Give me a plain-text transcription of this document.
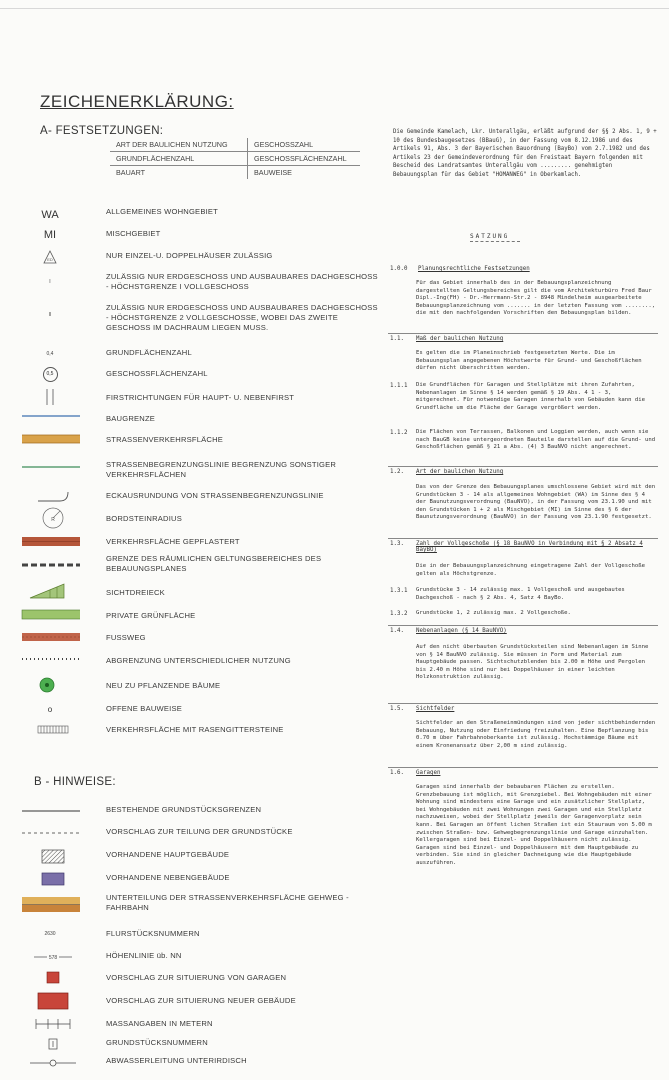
ZEICHENERKLÄRUNG:
A- FESTSETZUNGEN:
ART DER BAULICHEN NUTZUNG	GESCHOSSZAHL
GRUNDFLÄCHENZAHL	GESCHOSSFLÄCHENZAHL
BAUART	BAUWEISE
WA	ALLGEMEINES WOHNGEBIET
MI	MISCHGEBIET
ED	NUR EINZEL-U. DOPPELHÄUSER ZULÄSSIG
I
ZULÄSSIG NUR ERDGESCHOSS UND AUSBAUBARES DACHGESCHOSS - HÖCHSTGRENZE I VOLLGESCHOSS
II
ZULÄSSIG NUR ERDGESCHOSS UND AUSBAUBARES DACHGESCHOSS - HÖCHSTGRENZE 2 VOLLGESCHOSSE, WOBEI DAS ZWEITE GESCHOSS IM DACHRAUM LIEGEN MUSS.
0,4	GRUNDFLÄCHENZAHL
0,5	GESCHOSSFLÄCHENZAHL
FIRSTRICHTUNGEN FÜR HAUPT- U. NEBENFIRST
BAUGRENZE
STRASSENVERKEHRSFLÄCHE
STRASSENBEGRENZUNGSLINIE BEGRENZUNG SONSTIGER VERKEHRSFLÄCHEN
ECKAUSRUNDUNG VON STRASSENBEGRENZUNGSLINIE
R	BORDSTEINRADIUS
VERKEHRSFLÄCHE GEPFLASTERT
GRENZE DES RÄUMLICHEN GELTUNGSBEREICHES DES BEBAUUNGSPLANES
SICHTDREIECK
PRIVATE GRÜNFLÄCHE
FUSSWEG
ABGRENZUNG UNTERSCHIEDLICHER NUTZUNG
NEU ZU PFLANZENDE BÄUME
o	OFFENE BAUWEISE
VERKEHRSFLÄCHE MIT RASENGITTERSTEINE
B - HINWEISE:
BESTEHENDE GRUNDSTÜCKSGRENZEN
VORSCHLAG ZUR TEILUNG DER GRUNDSTÜCKE
VORHANDENE HAUPTGEBÄUDE
VORHANDENE NEBENGEBÄUDE
UNTERTEILUNG DER STRASSENVERKEHRSFLÄCHE GEHWEG - FAHRBAHN
2630	FLURSTÜCKSNUMMERN
578	HÖHENLINIE üb. NN
VORSCHLAG ZUR SITUIERUNG VON GARAGEN
VORSCHLAG ZUR SITUIERUNG NEUER GEBÄUDE
MASSANGABEN IN METERN
GRUNDSTÜCKSNUMMERN
ABWASSERLEITUNG UNTERIRDISCH
Die Gemeinde Kamelach, Lkr. Unterallgäu, erläßt aufgrund der §§ 2 Abs. 1, 9 + 10 des Bundesbaugesetzes (BBauG), in der Fassung vom 8.12.1986 und des Artikels 91, Abs. 3 der Bayerischen Bauordnung (BayBo) vom 2.7.1982 und des Artikels 23 der Gemeindeverordnung für den Freistaat Bayern folgenden mit Bescheid des Landratsamtes Unterallgäu vom ......... genehmigten Bebauungsplan für das Gebiet "HOMANWEG" in Oberkamlach.
SATZUNG
1.0.0 Planungsrechtliche Festsetzungen
Für das Gebiet innerhalb des in der Bebauungsplanzeichnung dargestellten Geltungsbereiches gilt die vom Architekturbüro Fred Baur Dipl.-Ing(FH) - Dr.-Herrmann-Str.2 - 8948 Mindelheim ausgearbeitete Bebauungsplanzeichnung vom ....... in der letzten Fassung vom ........, die mit den nachfolgenden Vorschriften den Bebauungsplan bilden.
1.1. Maß der baulichen Nutzung
Es gelten die im Planeinschrieb festgesetzten Werte. Die im Bebauungsplan angegebenen Höchstwerte für Grund- und Geschoßflächen dürfen nicht überschritten werden.
1.1.1 Die Grundflächen für Garagen und Stellplätze mit ihren Zufahrten, Nebenanlagen im Sinne § 14 werden gemäß § 19 Abs. 4 1 - 3, mitgerechnet. Für notwendige Garagen innerhalb von Gebäuden kann die Grundfläche um die Fläche der Garage vergrößert werden.
1.1.2 Die Flächen von Terrassen, Balkonen und Loggien werden, auch wenn sie nach BauGB keine untergeordneten Bauteile darstellen auf die Grund- und Geschoßflächen gemäß § 21 a Abs. (4) 3 BauNVO nicht angerechnet.
1.2. Art der baulichen Nutzung
Das von der Grenze des Bebauungsplanes umschlossene Gebiet wird mit den Grundstücken 3 - 14 als allgemeines Wohngebiet (WA) im Sinne des § 4 der Baunutzungsverordnung (BauNVO), in der Fassung vom 23.1.90 und mit den Grundstücken 1 + 2 als Mischgebiet (MI) im Sinne des § 6 der Baunutzungsverordnung (BauNVO) in der Fassung vom 23.1.90 festgesetzt.
1.3. Zahl der Vollgeschoße (§ 18 BauNVO in Verbindung mit § 2 Absatz 4 BayBO)
Die in der Bebauungsplanzeichnung eingetragene Zahl der Vollgeschoße gelten als Höchstgrenze.
1.3.1 Grundstücke 3 - 14 zulässig max. 1 Vollgeschoß und ausgebautes Dachgeschoß - nach § 2 Abs. 4, Satz 4 BayBo.
1.3.2 Grundstücke 1, 2 zulässig max. 2 Vollgeschoße.
1.4. Nebenanlagen (§ 14 BauNVO)
Auf den nicht überbauten Grundstücksteilen sind Nebenanlagen im Sinne von § 14 BauNVO zulässig. Sie müssen in Form und Material zum Hauptgebäude passen. Sichtschutzblenden bis 2.00 m Höhe und Pergolen bis 2.40 m Höhe sind nur bei Doppelhäuser in einer leichten Holzkonstruktion zulässig.
1.5. Sichtfelder
Sichtfelder an den Straßeneinmündungen sind von jeder sichtbehindernden Bebauung, Nutzung oder Einfriedung freizuhalten. Eine Bepflanzung bis 0.70 m über Fahrbahnoberkante ist zulässig. Hochstämmige Bäume mit einem Kronenansatz über 2,00 m sind zulässig.
1.6. Garagen
Garagen sind innerhalb der bebaubaren Flächen zu erstellen. Grenzbebauung ist möglich, mit Grenzgiebel. Bei Wohngebäuden mit einer Wohnung sind mindestens eine Garage und ein zusätzlicher Stellplatz, bei Wohngebäuden mit zwei Wohnungen zwei Garagen und ein Stellplatz nachzuweisen, wobei der Stellplatz jeweils der Garagenvorplatz sein kann. Bei Garagen an öffent lichen Straßen ist ein Stauraum von 5.00 m zwischen Straßen- bzw. Gehwegbegrenzungslinie und Garage einzuhalten. Kellergaragen sind bei Einzel- und Doppelhäusern nicht zulässig. Garagen sind bei Einzel- und Doppelhäusern mit dem Hauptgebäude zu verbinden. Sie sind in gleicher Dachneigung wie die Hauptgebäude auszuführen.
